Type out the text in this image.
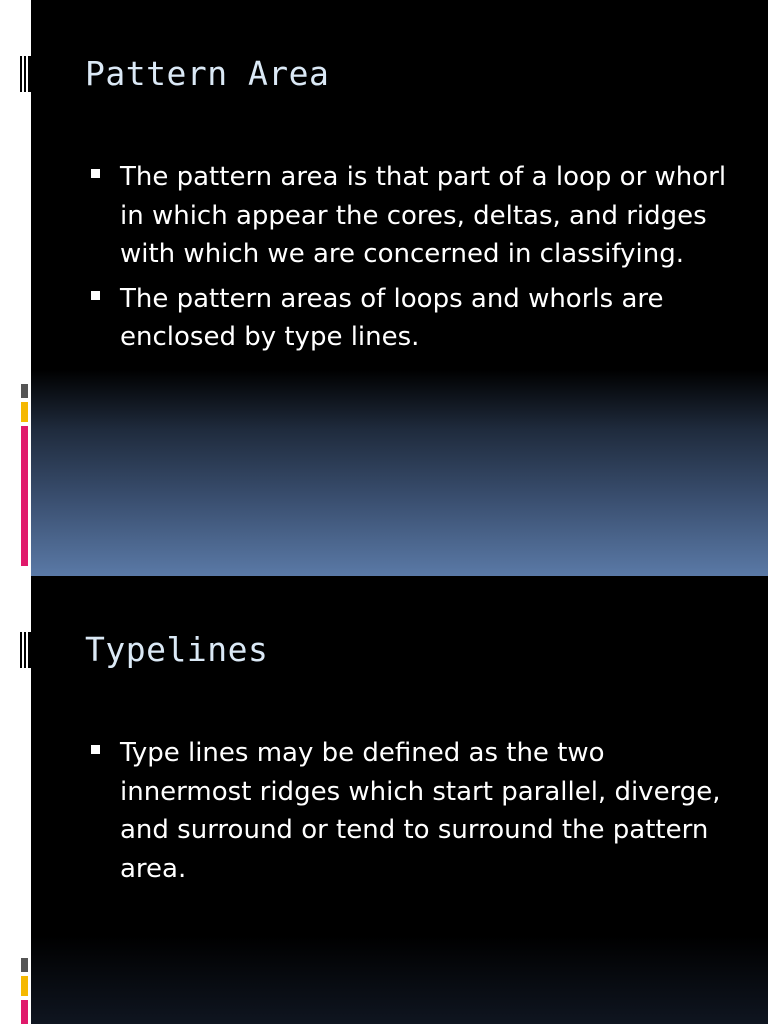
Pattern Area
The pattern area is that part of a loop or whorl in which appear the cores, deltas, and ridges with which we are concerned in classifying.
The pattern areas of loops and whorls are enclosed by type lines.
Typelines
Type lines may be defined as the two innermost ridges which start parallel, diverge, and surround or tend to surround the pattern area.
